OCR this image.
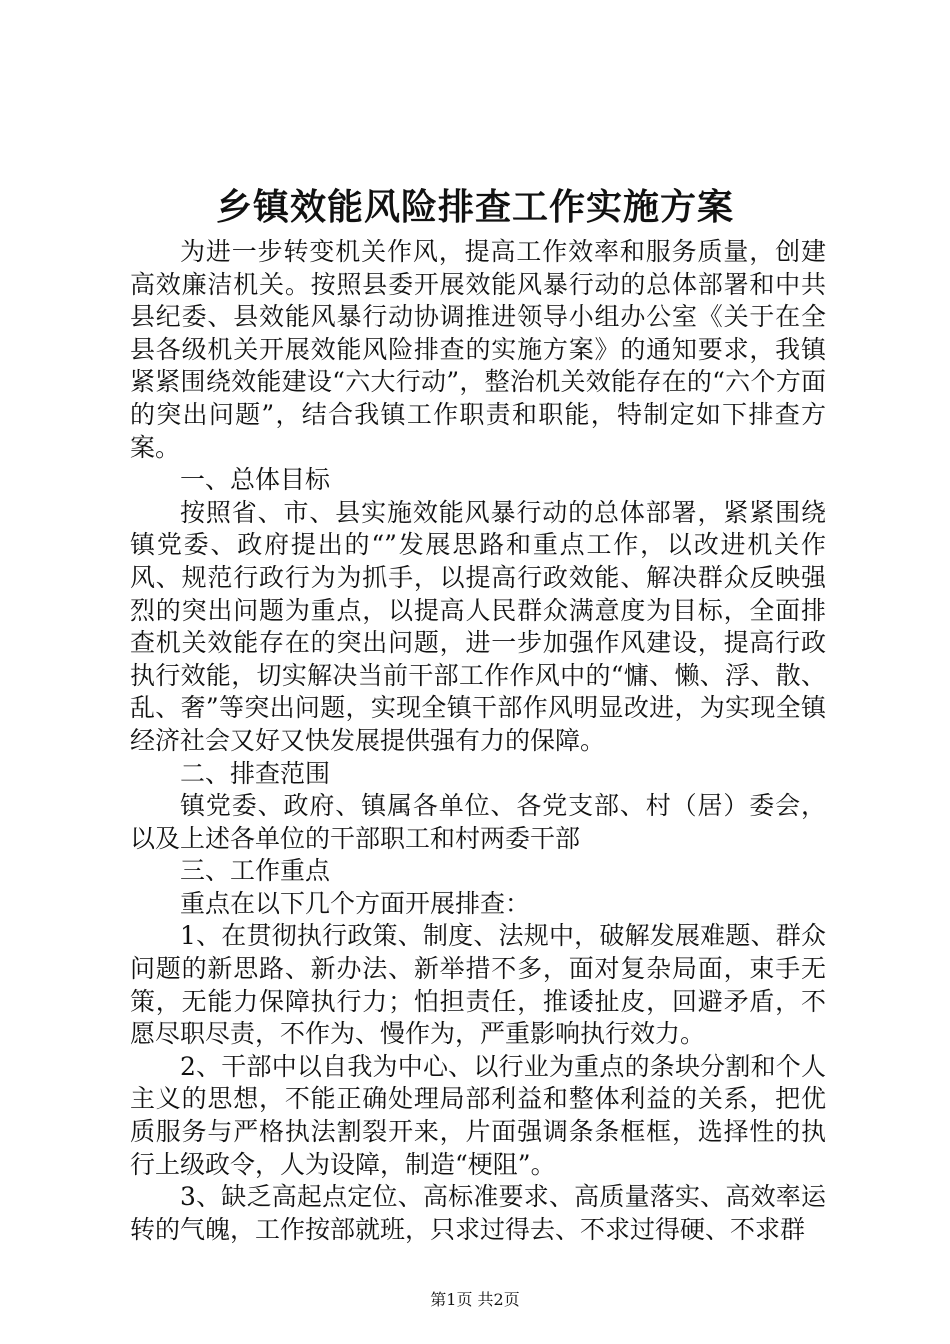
乡镇效能风险排查工作实施方案

为进一步转变机关作风，提高工作效率和服务质量，创建高效廉洁机关。按照县委开展效能风暴行动的总体部署和中共县纪委、县效能风暴行动协调推进领导小组办公室《关于在全县各级机关开展效能风险排查的实施方案》的通知要求，我镇紧紧围绕效能建设“六大行动”，整治机关效能存在的“六个方面的突出问题”，结合我镇工作职责和职能，特制定如下排查方案。

一、总体目标

按照省、市、县实施效能风暴行动的总体部署，紧紧围绕镇党委、政府提出的“”发展思路和重点工作，以改进机关作风、规范行政行为为抓手，以提高行政效能、解决群众反映强烈的突出问题为重点，以提高人民群众满意度为目标，全面排查机关效能存在的突出问题，进一步加强作风建设，提高行政执行效能，切实解决当前干部工作作风中的“慵、懒、浮、散、乱、奢”等突出问题，实现全镇干部作风明显改进，为实现全镇经济社会又好又快发展提供强有力的保障。

二、排查范围

镇党委、政府、镇属各单位、各党支部、村（居）委会，以及上述各单位的干部职工和村两委干部

三、工作重点

重点在以下几个方面开展排查：

1、在贯彻执行政策、制度、法规中，破解发展难题、群众问题的新思路、新办法、新举措不多，面对复杂局面，束手无策，无能力保障执行力；怕担责任，推诿扯皮，回避矛盾，不愿尽职尽责，不作为、慢作为，严重影响执行效力。

2、干部中以自我为中心、以行业为重点的条块分割和个人主义的思想，不能正确处理局部利益和整体利益的关系，把优质服务与严格执法割裂开来，片面强调条条框框，选择性的执行上级政令，人为设障，制造“梗阻”。

3、缺乏高起点定位、高标准要求、高质量落实、高效率运转的气魄，工作按部就班，只求过得去、不求过得硬、不求群

第1页 共2页
